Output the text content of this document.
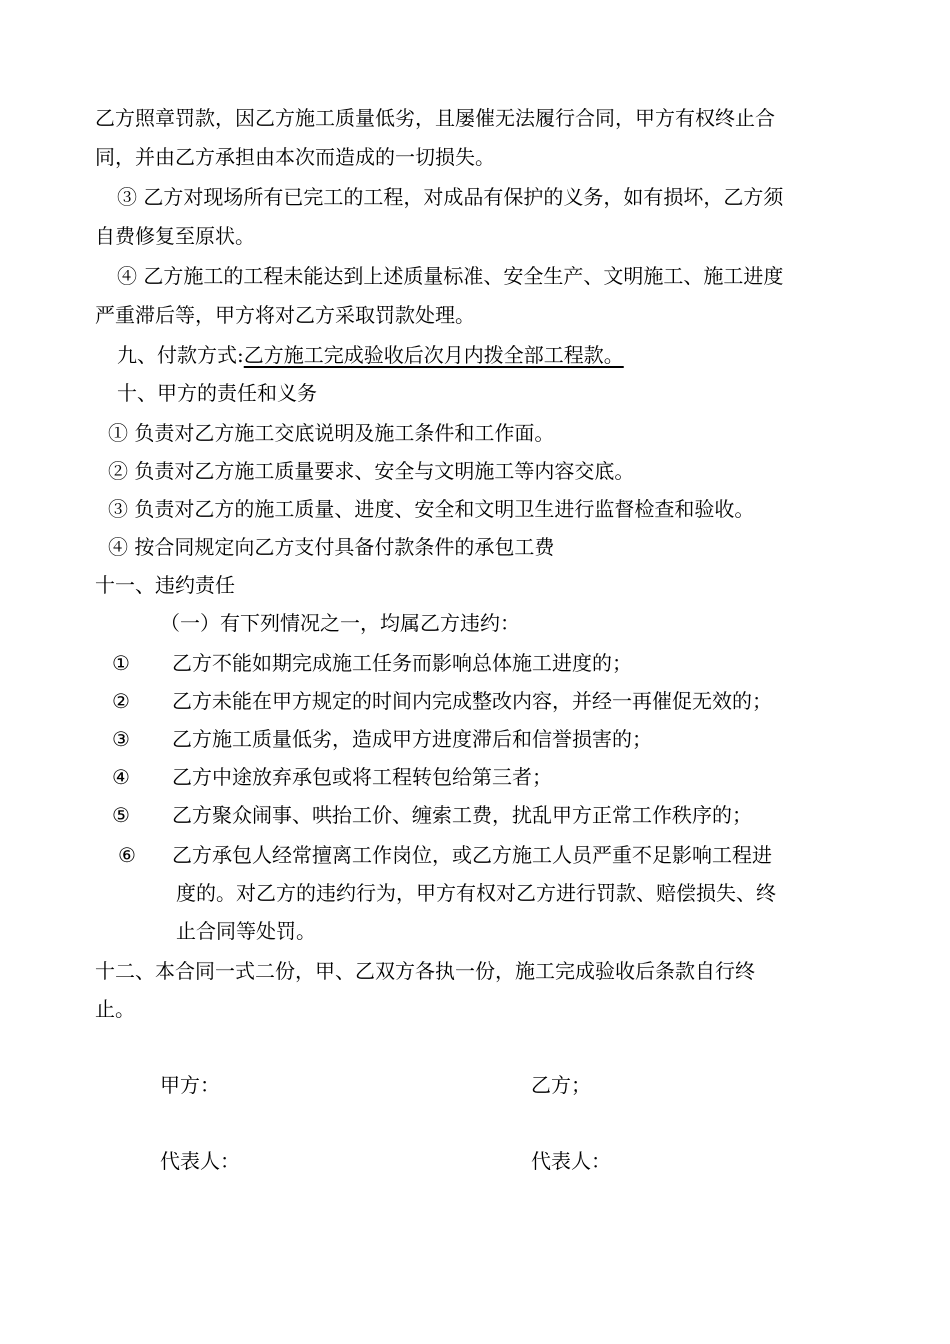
乙方照章罚款，因乙方施工质量低劣，且屡催无法履行合同，甲方有权终止合
同，并由乙方承担由本次而造成的一切损失。
③ 乙方对现场所有已完工的工程，对成品有保护的义务，如有损坏，乙方须
自费修复至原状。
④ 乙方施工的工程未能达到上述质量标准、安全生产、文明施工、施工进度
严重滞后等，甲方将对乙方采取罚款处理。
九、付款方式:乙方施工完成验收后次月内拨全部工程款。
十、甲方的责任和义务
① 负责对乙方施工交底说明及施工条件和工作面。
② 负责对乙方施工质量要求、安全与文明施工等内容交底。
③ 负责对乙方的施工质量、进度、安全和文明卫生进行监督检查和验收。
④ 按合同规定向乙方支付具备付款条件的承包工费
十一、违约责任
（一）有下列情况之一，均属乙方违约：
① 乙方不能如期完成施工任务而影响总体施工进度的；
② 乙方未能在甲方规定的时间内完成整改内容，并经一再催促无效的；
③ 乙方施工质量低劣，造成甲方进度滞后和信誉损害的；
④ 乙方中途放弃承包或将工程转包给第三者；
⑤ 乙方聚众闹事、哄抬工价、缠索工费，扰乱甲方正常工作秩序的；
⑥ 乙方承包人经常擅离工作岗位，或乙方施工人员严重不足影响工程进
度的。对乙方的违约行为，甲方有权对乙方进行罚款、赔偿损失、终
止合同等处罚。
十二、本合同一式二份，甲、乙双方各执一份，施工完成验收后条款自行终
止。
甲方：	乙方；
代表人：	代表人：
